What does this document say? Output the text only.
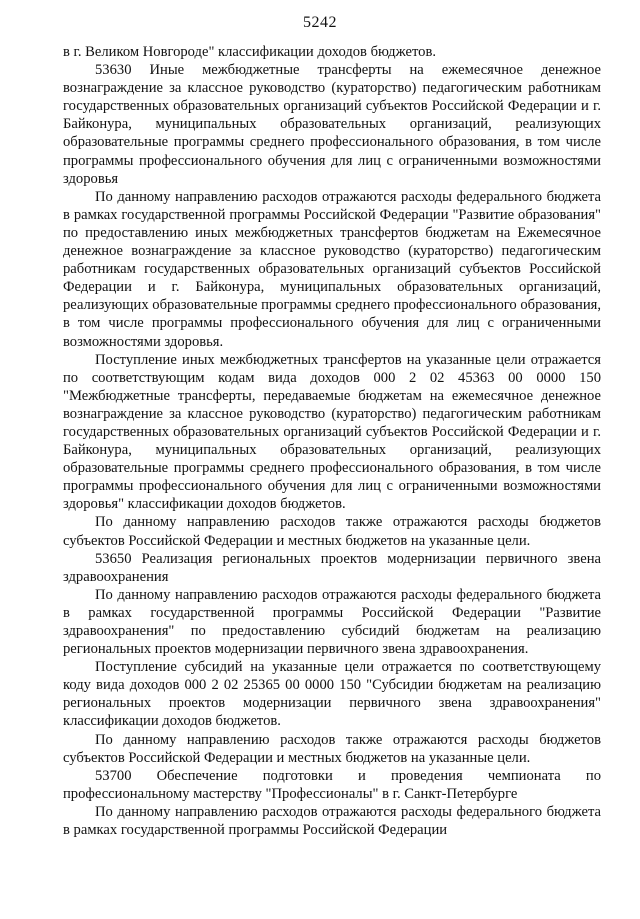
5242

в г. Великом Новгороде" классификации доходов бюджетов.

53630 Иные межбюджетные трансферты на ежемесячное денежное вознаграждение за классное руководство (кураторство) педагогическим работникам государственных образовательных организаций субъектов Российской Федерации и г. Байконура, муниципальных образовательных организаций, реализующих образовательные программы среднего профессионального образования, в том числе программы профессионального обучения для лиц с ограниченными возможностями здоровья

По данному направлению расходов отражаются расходы федерального бюджета в рамках государственной программы Российской Федерации "Развитие образования" по предоставлению иных межбюджетных трансфертов бюджетам на Ежемесячное денежное вознаграждение за классное руководство (кураторство) педагогическим работникам государственных образовательных организаций субъектов Российской Федерации и г. Байконура, муниципальных образовательных организаций, реализующих образовательные программы среднего профессионального образования, в том числе программы профессионального обучения для лиц с ограниченными возможностями здоровья.

Поступление иных межбюджетных трансфертов на указанные цели отражается по соответствующим кодам вида доходов 000 2 02 45363 00 0000 150 "Межбюджетные трансферты, передаваемые бюджетам на ежемесячное денежное вознаграждение за классное руководство (кураторство) педагогическим работникам государственных образовательных организаций субъектов Российской Федерации и г. Байконура, муниципальных образовательных организаций, реализующих образовательные программы среднего профессионального образования, в том числе программы профессионального обучения для лиц с ограниченными возможностями здоровья" классификации доходов бюджетов.

По данному направлению расходов также отражаются расходы бюджетов субъектов Российской Федерации и местных бюджетов на указанные цели.

53650 Реализация региональных проектов модернизации первичного звена здравоохранения

По данному направлению расходов отражаются расходы федерального бюджета в рамках государственной программы Российской Федерации "Развитие здравоохранения" по предоставлению субсидий бюджетам на реализацию региональных проектов модернизации первичного звена здравоохранения.

Поступление субсидий на указанные цели отражается по соответствующему коду вида доходов 000 2 02 25365 00 0000 150 "Субсидии бюджетам на реализацию региональных проектов модернизации первичного звена здравоохранения" классификации доходов бюджетов.

По данному направлению расходов также отражаются расходы бюджетов субъектов Российской Федерации и местных бюджетов на указанные цели.

53700 Обеспечение подготовки и проведения чемпионата по профессиональному мастерству "Профессионалы" в г. Санкт-Петербурге

По данному направлению расходов отражаются расходы федерального бюджета в рамках государственной программы Российской Федерации
